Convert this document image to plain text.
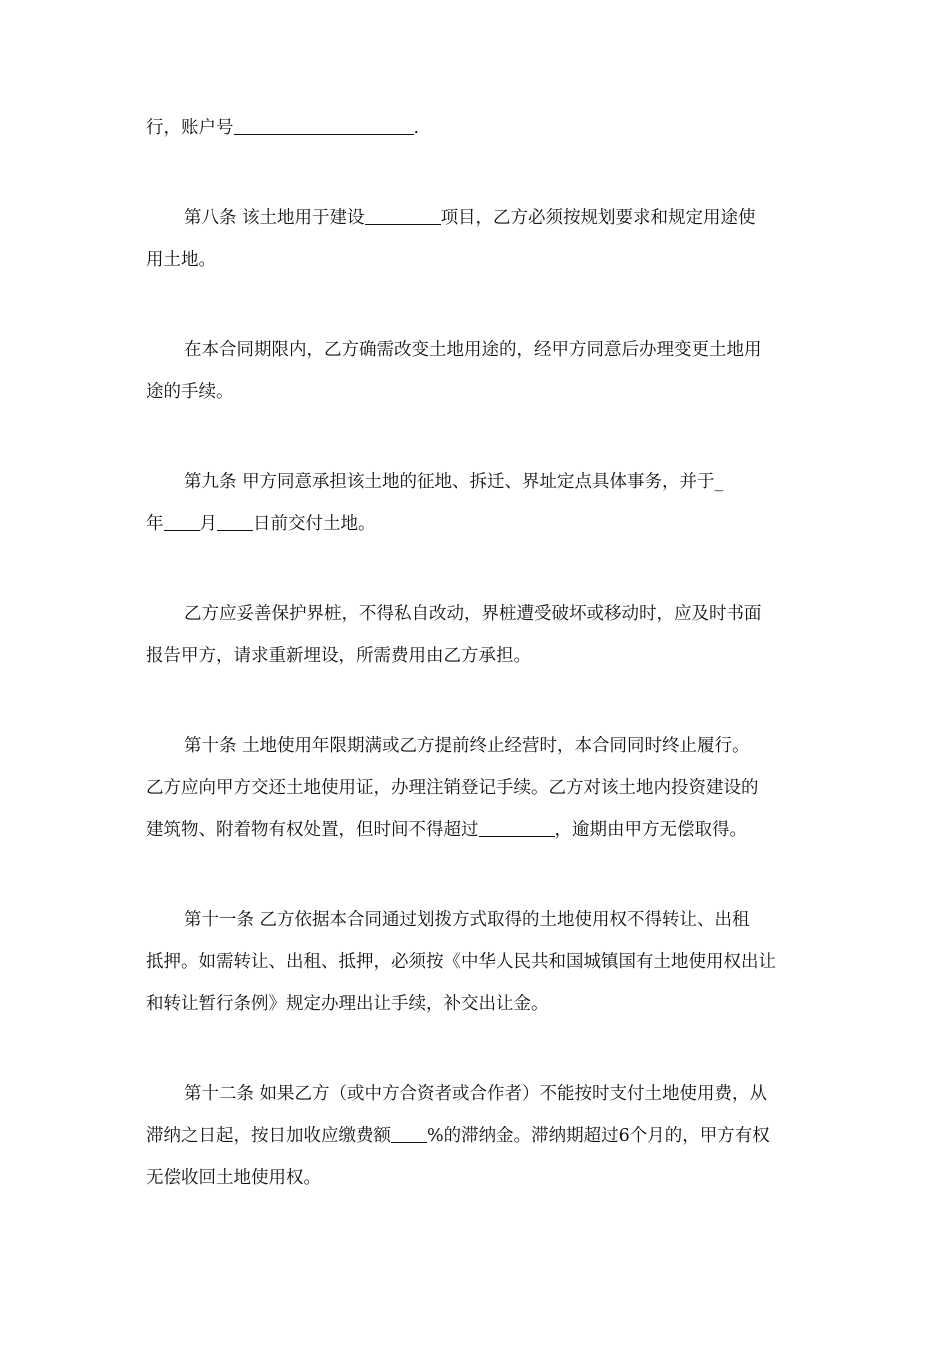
行，账户号	.
第八条 该土地用于建设	项目，乙方必须按规划要求和规定用途使
用土地。
在本合同期限内，乙方确需改变土地用途的，经甲方同意后办理变更土地用
途的手续。
第九条 甲方同意承担该土地的征地、拆迁、界址定点具体事务，并于_
年 月 日前交付土地。
乙方应妥善保护界桩，不得私自改动，界桩遭受破坏或移动时，应及时书面
报告甲方，请求重新埋设，所需费用由乙方承担。
第十条 土地使用年限期满或乙方提前终止经营时，本合同同时终止履行。
乙方应向甲方交还土地使用证，办理注销登记手续。乙方对该土地内投资建设的
建筑物、附着物有权处置，但时间不得超过	，逾期由甲方无偿取得。
第十一条 乙方依据本合同通过划拨方式取得的土地使用权不得转让、出租
抵押。如需转让、出租、抵押，必须按《中华人民共和国城镇国有土地使用权出让
和转让暂行条例》规定办理出让手续，补交出让金。
第十二条 如果乙方（或中方合资者或合作者）不能按时支付土地使用费，从
滞纳之日起，按日加收应缴费额 %的滞纳金。滞纳期超过6个月的，甲方有权
无偿收回土地使用权。
